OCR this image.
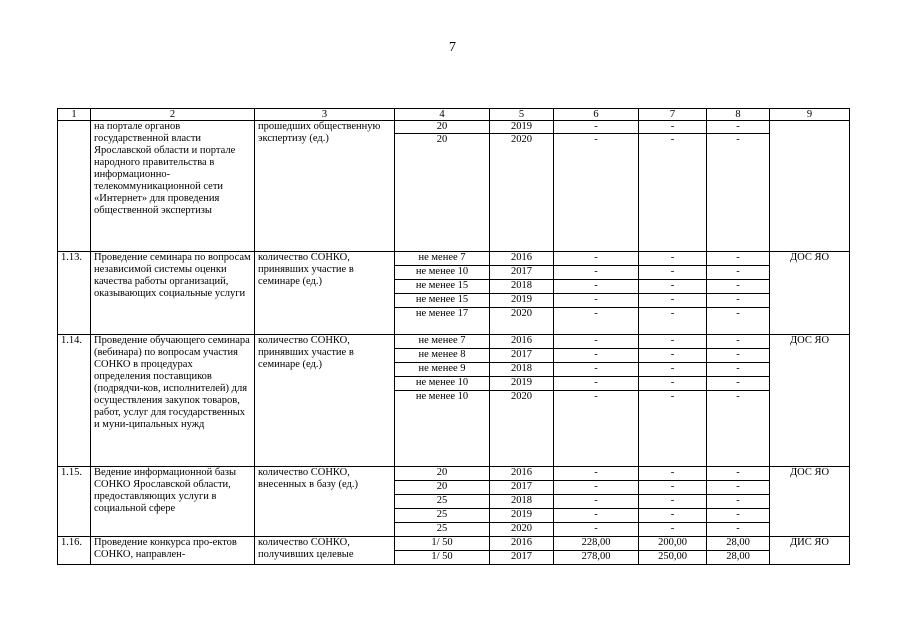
7
1	2	3	4	5	6	7	8	9
	на портале органов государственной власти Ярославской области и портале народного правительства в информационно-телекоммуникационной сети «Интернет» для проведения общественной экспертизы	прошедших общественную экспертизу (ед.)	20	2019	-	-	-	
			20	2020	-	-	-	
1.13.	Проведение семинара по вопросам независимой системы оценки качества работы организаций, оказывающих социальные услуги	количество СОНКО, принявших участие в семинаре (ед.)	не менее 7	2016	-	-	-	ДОС ЯО
			не менее 10	2017	-	-	-	
			не менее 15	2018	-	-	-	
			не менее 15	2019	-	-	-	
			не менее 17	2020	-	-	-	
1.14.	Проведение обучающего семинара (вебинара) по вопросам участия СОНКО в процедурах определения поставщиков (подрядчи-ков, исполнителей) для осуществления закупок товаров, работ, услуг для государственных и муни-ципальных нужд	количество СОНКО, принявших участие в семинаре (ед.)	не менее 7	2016	-	-	-	ДОС ЯО
			не менее 8	2017	-	-	-	
			не менее 9	2018	-	-	-	
			не менее 10	2019	-	-	-	
			не менее 10	2020	-	-	-	
1.15.	Ведение информационной базы СОНКО Ярославской области, предоставляющих услуги в социальной сфере	количество СОНКО, внесенных в базу (ед.)	20	2016	-	-	-	ДОС ЯО
			20	2017	-	-	-	
			25	2018	-	-	-	
			25	2019	-	-	-	
			25	2020	-	-	-	
1.16.	Проведение конкурса про-ектов СОНКО, направлен-	количество СОНКО, получивших целевые	1/ 50	2016	228,00	200,00	28,00	ДИС ЯО
			1/ 50	2017	278,00	250,00	28,00	
